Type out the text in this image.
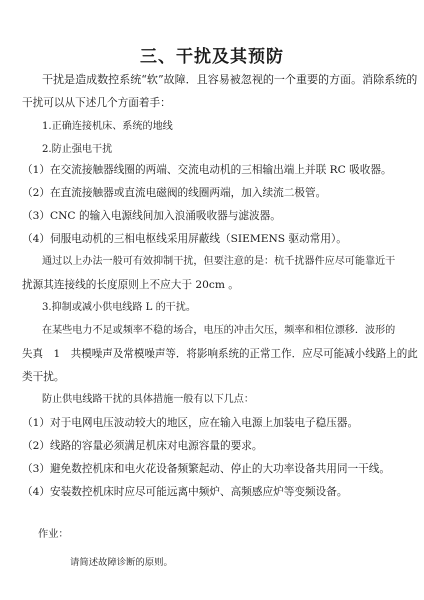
三、干扰及其预防
干扰是造成数控系统“软”故障．且容易被忽视的一个重要的方面。消除系统的
干扰可以从下述几个方面着手：
1.正确连接机床、系统的地线
2.防止强电干扰
（1）在交流接触器线圈的两端、交流电动机的三相输出端上并联 RC 吸收器。
（2）在直流接触器或直流电磁阀的线圈两端，加入续流二极管。
（3）CNC 的输入电源线间加入浪涌吸收器与滤波器。
（4）伺服电动机的三相电枢线采用屏蔽线（SIEMENS 驱动常用）。
通过以上办法一般可有效抑制干扰，但要注意的是：杭千扰器件应尽可能靠近干
扰源其连接线的长度原则上不应大于 20cm 。
3.抑制或减小供电线路 L 的干扰。
在某些电力不足或频率不稳的场合，电压的冲击欠压，频率和相位漂移．波形的
失真　1　共模噪声及常模噪声等．将影响系统的正常工作．应尽可能减小线路上的此
类干扰。
防止供电线路干扰的具体措施一般有以下几点：
（1）对于电网电压波动较大的地区，应在输入电源上加装电子稳压器。
（2）线路的容量必须满足机床对电源容量的要求。
（3）避免数控机床和电火花设备频繁起动、停止的大功率设备共用同一干线。
（4）安装数控机床时应尽可能远离中频炉、高频感应炉等变频设备。
作业：
请简述故障诊断的原则。
